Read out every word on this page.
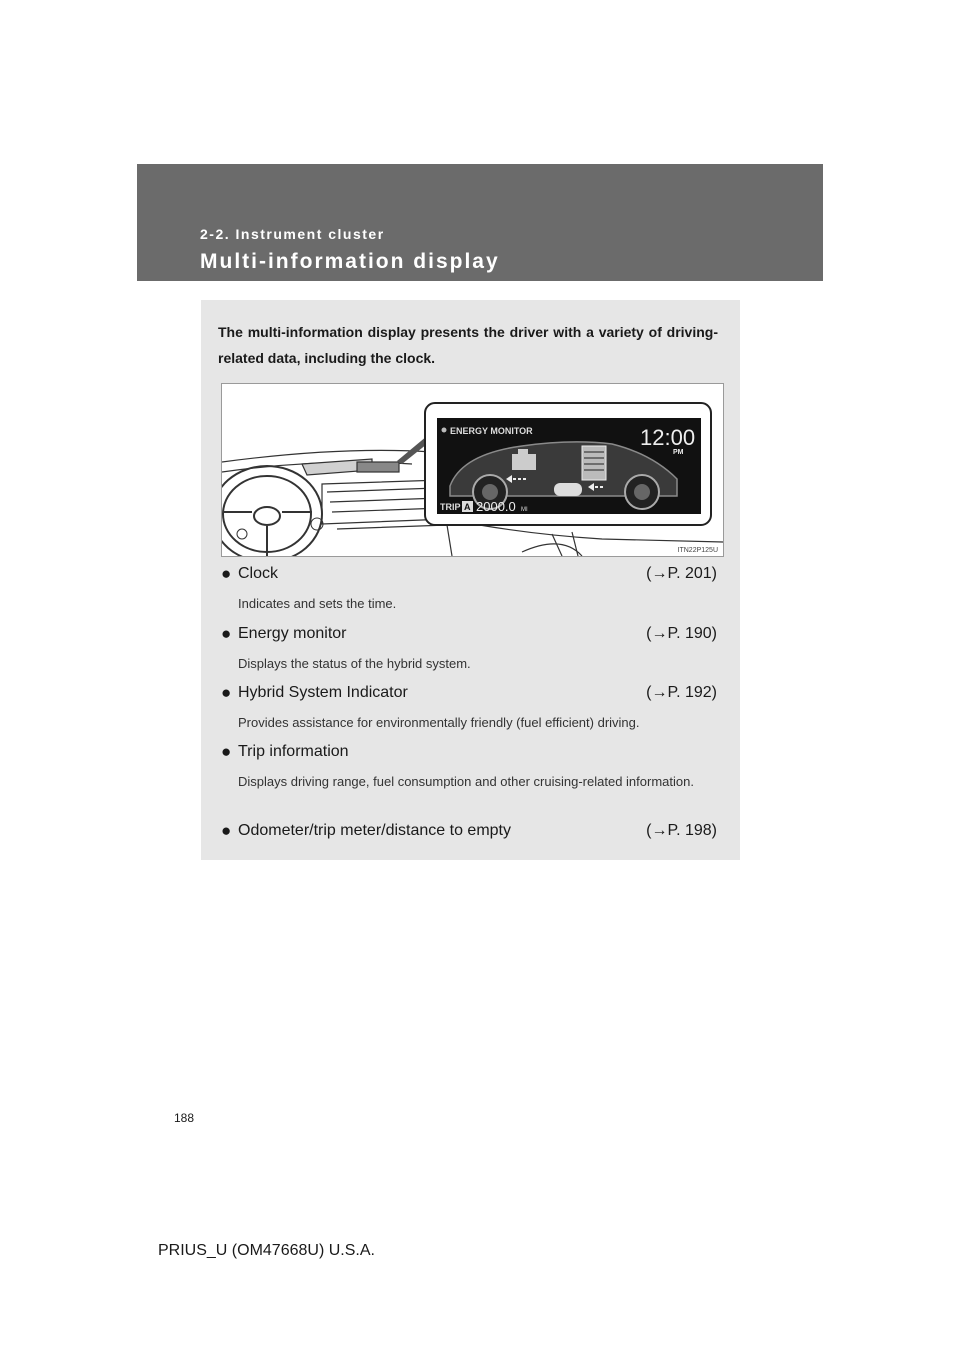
2-2. Instrument cluster
Multi-information display
The multi-information display presents the driver with a variety of driving-related data, including the clock.
ENERGY MONITOR	12:00
PM
TRIP A 2000.0 MI
ITN22P125U
● Clock	(→P. 201)
Indicates and sets the time.
● Energy monitor	(→P. 190)
Displays the status of the hybrid system.
● Hybrid System Indicator	(→P. 192)
Provides assistance for environmentally friendly (fuel efficient) driving.
● Trip information
Displays driving range, fuel consumption and other cruising-related information.
● Odometer/trip meter/distance to empty	(→P. 198)
188
PRIUS_U (OM47668U) U.S.A.
